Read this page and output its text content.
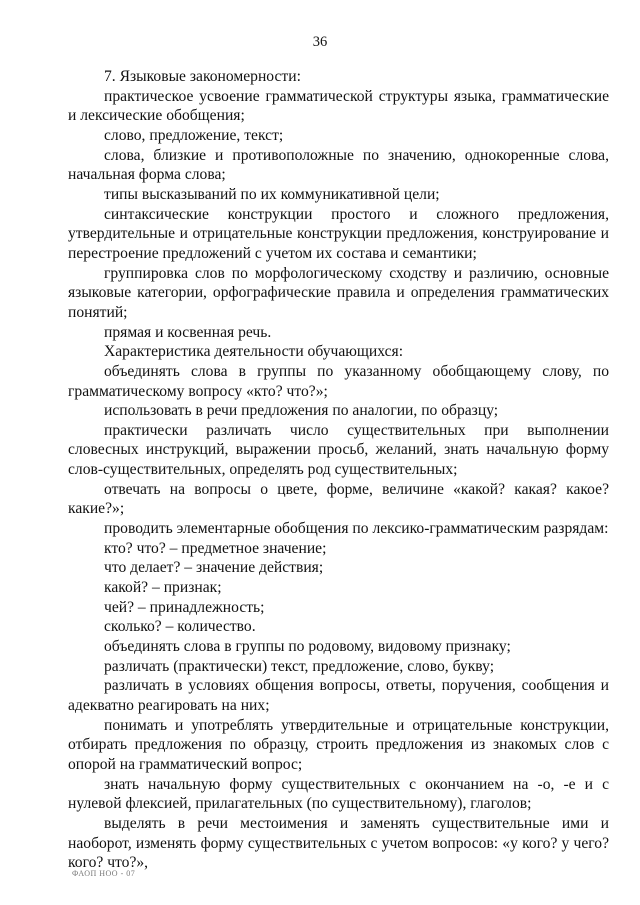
36

7. Языковые закономерности:

практическое усвоение грамматической структуры языка, грамматические и лексические обобщения;

слово, предложение, текст;

слова, близкие и противоположные по значению, однокоренные слова, начальная форма слова;

типы высказываний по их коммуникативной цели;

синтаксические конструкции простого и сложного предложения, утвердительные и отрицательные конструкции предложения, конструирование и перестроение предложений с учетом их состава и семантики;

группировка слов по морфологическому сходству и различию, основные языковые категории, орфографические правила и определения грамматических понятий;

прямая и косвенная речь.

Характеристика деятельности обучающихся:

объединять слова в группы по указанному обобщающему слову, по грамматическому вопросу «кто? что?»;

использовать в речи предложения по аналогии, по образцу;

практически различать число существительных при выполнении словесных инструкций, выражении просьб, желаний, знать начальную форму слов-существительных, определять род существительных;

отвечать на вопросы о цвете, форме, величине «какой? какая? какое? какие?»;

проводить элементарные обобщения по лексико-грамматическим разрядам:

кто? что? – предметное значение;

что делает? – значение действия;

какой? – признак;

чей? – принадлежность;

сколько? – количество.

объединять слова в группы по родовому, видовому признаку;

различать (практически) текст, предложение, слово, букву;

различать в условиях общения вопросы, ответы, поручения, сообщения и адекватно реагировать на них;

понимать и употреблять утвердительные и отрицательные конструкции, отбирать предложения по образцу, строить предложения из знакомых слов с опорой на грамматический вопрос;

знать начальную форму существительных с окончанием на -о, -е и с нулевой флексией, прилагательных (по существительному), глаголов;

выделять в речи местоимения и заменять существительные ими и наоборот, изменять форму существительных с учетом вопросов: «у кого? у чего? кого? что?»,

ФАОП НОО - 07
